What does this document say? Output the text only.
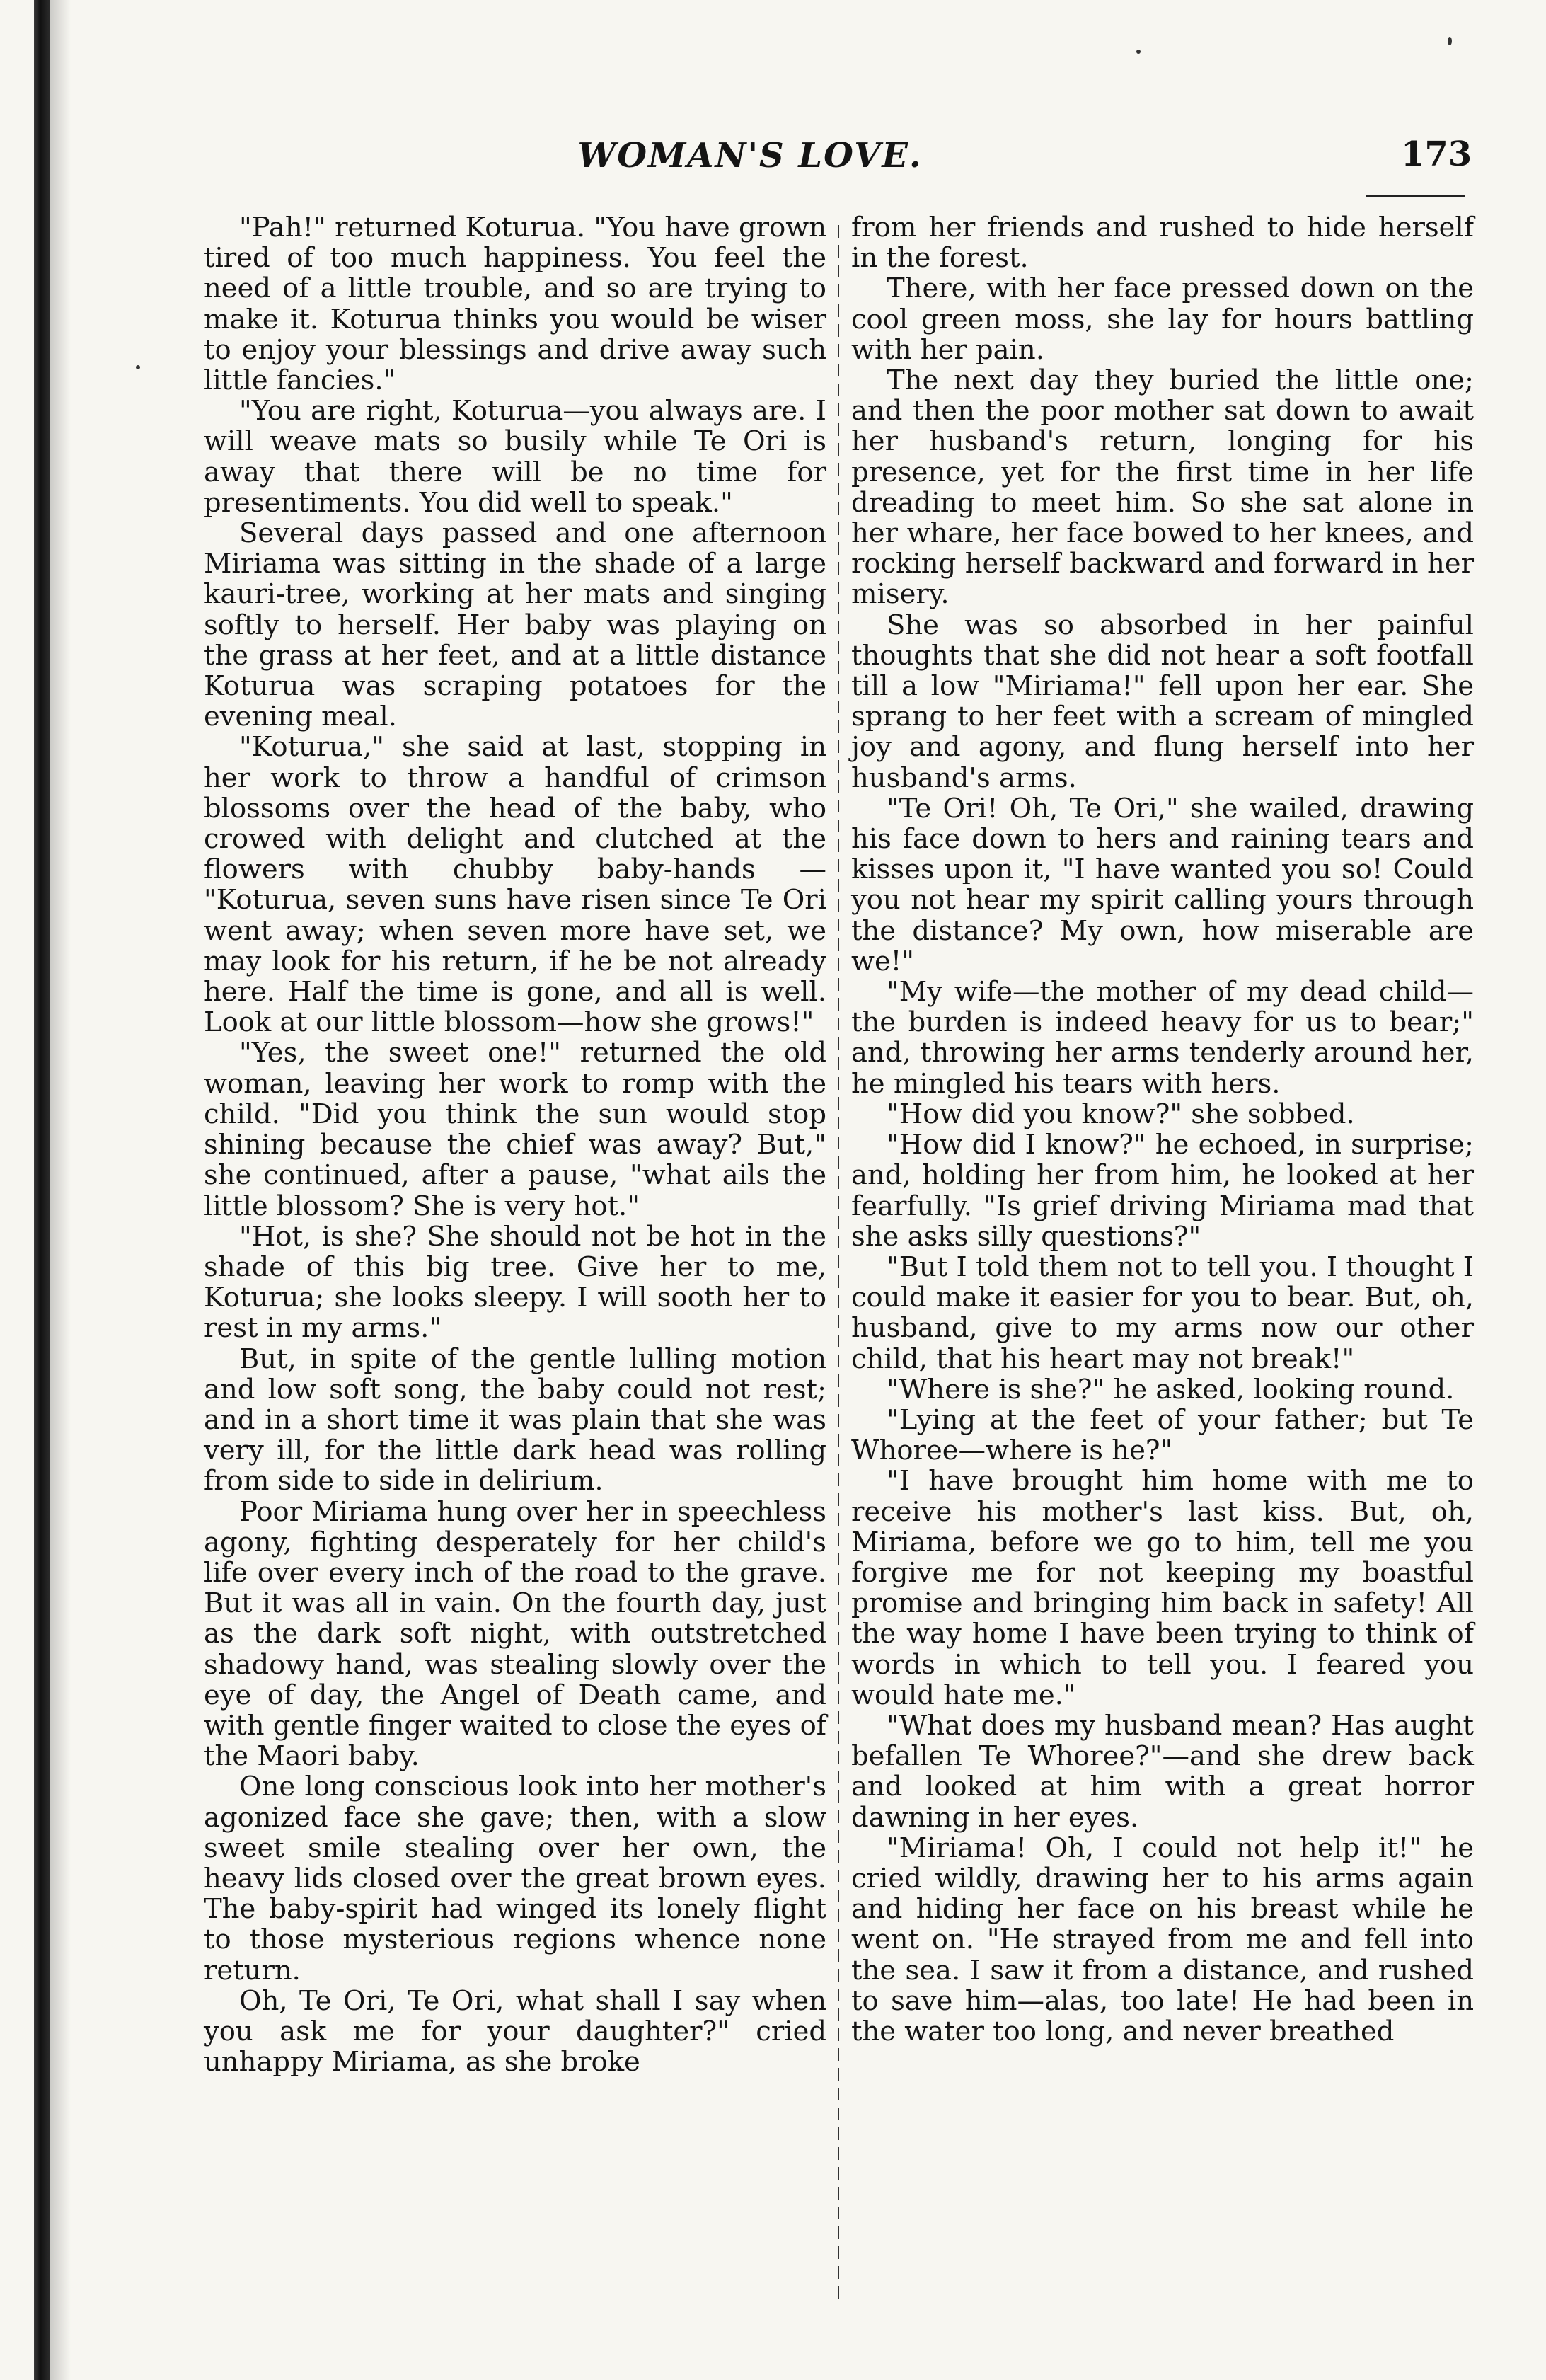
WOMAN'S LOVE.	173

"Pah!" returned Koturua. "You have grown tired of too much happiness. You feel the need of a little trouble, and so are trying to make it. Koturua thinks you would be wiser to enjoy your blessings and drive away such little fancies."

"You are right, Koturua—you always are. I will weave mats so busily while Te Ori is away that there will be no time for presentiments. You did well to speak."

Several days passed and one afternoon Miriama was sitting in the shade of a large kauri-tree, working at her mats and singing softly to herself. Her baby was playing on the grass at her feet, and at a little distance Koturua was scraping potatoes for the evening meal.

"Koturua," she said at last, stopping in her work to throw a handful of crimson blossoms over the head of the baby, who crowed with delight and clutched at the flowers with chubby baby-hands — "Koturua, seven suns have risen since Te Ori went away; when seven more have set, we may look for his return, if he be not already here. Half the time is gone, and all is well. Look at our little blossom—how she grows!"

"Yes, the sweet one!" returned the old woman, leaving her work to romp with the child. "Did you think the sun would stop shining because the chief was away? But," she continued, after a pause, "what ails the little blossom? She is very hot."

"Hot, is she? She should not be hot in the shade of this big tree. Give her to me, Koturua; she looks sleepy. I will sooth her to rest in my arms."

But, in spite of the gentle lulling motion and low soft song, the baby could not rest; and in a short time it was plain that she was very ill, for the little dark head was rolling from side to side in delirium.

Poor Miriama hung over her in speechless agony, fighting desperately for her child's life over every inch of the road to the grave. But it was all in vain. On the fourth day, just as the dark soft night, with outstretched shadowy hand, was stealing slowly over the eye of day, the Angel of Death came, and with gentle finger waited to close the eyes of the Maori baby.

One long conscious look into her mother's agonized face she gave; then, with a slow sweet smile stealing over her own, the heavy lids closed over the great brown eyes. The baby-spirit had winged its lonely flight to those mysterious regions whence none return.

Oh, Te Ori, Te Ori, what shall I say when you ask me for your daughter?" cried unhappy Miriama, as she broke

from her friends and rushed to hide herself in the forest.

There, with her face pressed down on the cool green moss, she lay for hours battling with her pain.

The next day they buried the little one; and then the poor mother sat down to await her husband's return, longing for his presence, yet for the first time in her life dreading to meet him. So she sat alone in her whare, her face bowed to her knees, and rocking herself backward and forward in her misery.

She was so absorbed in her painful thoughts that she did not hear a soft footfall till a low "Miriama!" fell upon her ear. She sprang to her feet with a scream of mingled joy and agony, and flung herself into her husband's arms.

"Te Ori! Oh, Te Ori," she wailed, drawing his face down to hers and raining tears and kisses upon it, "I have wanted you so! Could you not hear my spirit calling yours through the distance? My own, how miserable are we!"

"My wife—the mother of my dead child—the burden is indeed heavy for us to bear;" and, throwing her arms tenderly around her, he mingled his tears with hers.

"How did you know?" she sobbed.

"How did I know?" he echoed, in surprise; and, holding her from him, he looked at her fearfully. "Is grief driving Miriama mad that she asks silly questions?"

"But I told them not to tell you. I thought I could make it easier for you to bear. But, oh, husband, give to my arms now our other child, that his heart may not break!"

"Where is she?" he asked, looking round.

"Lying at the feet of your father; but Te Whoree—where is he?"

"I have brought him home with me to receive his mother's last kiss. But, oh, Miriama, before we go to him, tell me you forgive me for not keeping my boastful promise and bringing him back in safety! All the way home I have been trying to think of words in which to tell you. I feared you would hate me."

"What does my husband mean? Has aught befallen Te Whoree?"—and she drew back and looked at him with a great horror dawning in her eyes.

"Miriama! Oh, I could not help it!" he cried wildly, drawing her to his arms again and hiding her face on his breast while he went on. "He strayed from me and fell into the sea. I saw it from a distance, and rushed to save him—alas, too late! He had been in the water too long, and never breathed
